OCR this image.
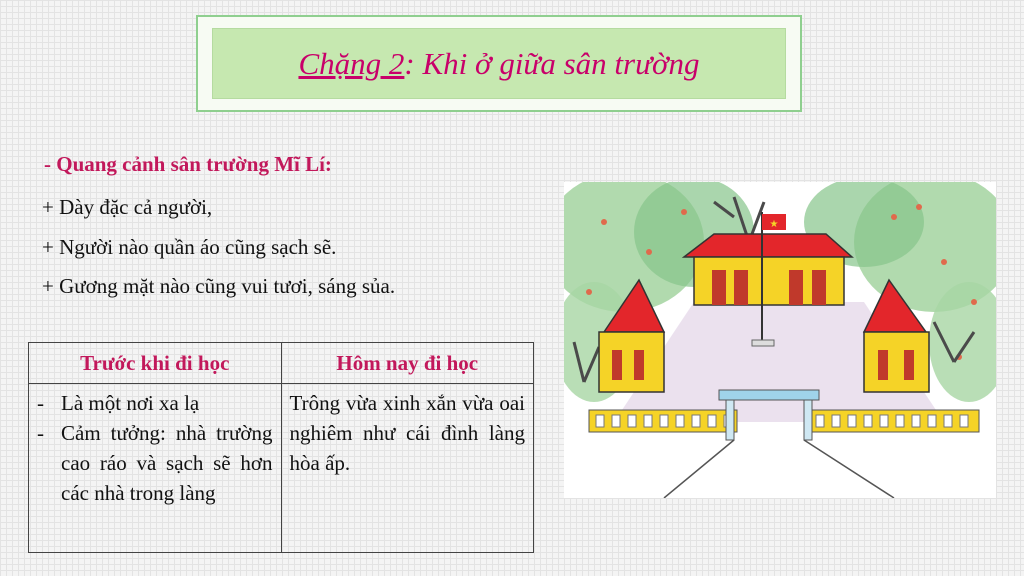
Chặng 2: Khi ở giữa sân trường
- Quang cảnh sân trường Mĩ Lí:
+ Dày đặc cả người,
+ Người nào quần áo cũng sạch sẽ.
+ Gương mặt nào cũng vui tươi, sáng sủa.
Trước khi đi học	Hôm nay đi học

- Là một nơi xa lạ
- Cảm tưởng: nhà trường cao ráo và sạch sẽ hơn các nhà trong làng	Trông vừa xinh xắn vừa oai nghiêm như cái đình làng hòa ấp.
★
